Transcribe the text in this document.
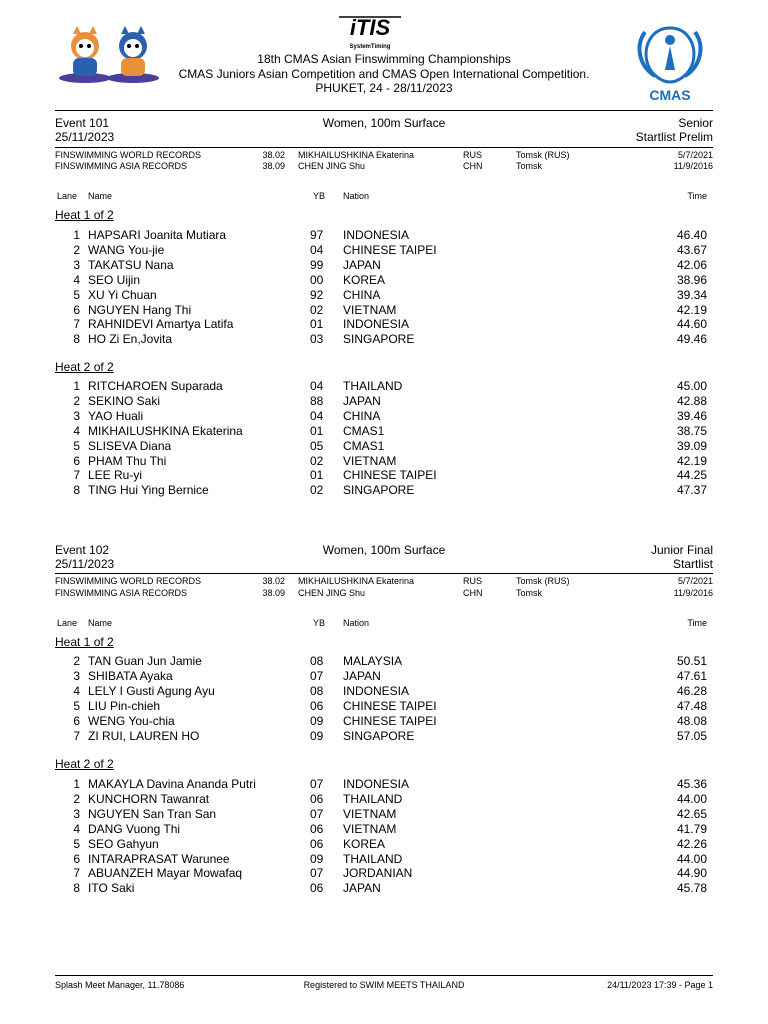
iTIS
SystemTiming
CMAS
18th CMAS Asian Finswimming Championships
CMAS Juniors Asian Competition and CMAS Open International Competition.
PHUKET, 24 - 28/11/2023
Event 101
25/11/2023
Women, 100m Surface	Senior
Startlist Prelim
FINSWIMMING WORLD RECORDS	38.02 MIKHAILUSHKINA Ekaterina	RUS	Tomsk (RUS)	5/7/2021
FINSWIMMING ASIA RECORDS	38.09 CHEN JING Shu	CHN	Tomsk	11/9/2016
Lane Name	YB Nation	Time
Heat 1 of 2
1 HAPSARI Joanita Mutiara	97 INDONESIA	46.40
2 WANG You-jie	04 CHINESE TAIPEI	43.67
3 TAKATSU Nana	99 JAPAN	42.06
4 SEO Uijin	00 KOREA	38.96
5 XU Yi Chuan	92 CHINA	39.34
6 NGUYEN Hang Thi	02 VIETNAM	42.19
7 RAHNIDEVI Amartya Latifa	01 INDONESIA	44.60
8 HO Zi En,Jovita	03 SINGAPORE	49.46
Heat 2 of 2
1 RITCHAROEN Suparada	04 THAILAND	45.00
2 SEKINO Saki	88 JAPAN	42.88
3 YAO Huali	04 CHINA	39.46
4 MIKHAILUSHKINA Ekaterina	01 CMAS1	38.75
5 SLISEVA Diana	05 CMAS1	39.09
6 PHAM Thu Thi	02 VIETNAM	42.19
7 LEE Ru-yi	01 CHINESE TAIPEI	44.25
8 TING Hui Ying Bernice	02 SINGAPORE	47.37
Event 102
25/11/2023
Women, 100m Surface	Junior Final
Startlist
FINSWIMMING WORLD RECORDS	38.02 MIKHAILUSHKINA Ekaterina	RUS	Tomsk (RUS)	5/7/2021
FINSWIMMING ASIA RECORDS	38.09 CHEN JING Shu	CHN	Tomsk	11/9/2016
Lane Name	YB Nation	Time
Heat 1 of 2
2 TAN Guan Jun Jamie	08 MALAYSIA	50.51
3 SHIBATA Ayaka	07 JAPAN	47.61
4 LELY I Gusti Agung Ayu	08 INDONESIA	46.28
5 LIU Pin-chieh	06 CHINESE TAIPEI	47.48
6 WENG You-chia	09 CHINESE TAIPEI	48.08
7 ZI RUI, LAUREN HO	09 SINGAPORE	57.05
Heat 2 of 2
1 MAKAYLA Davina Ananda Putri	07 INDONESIA	45.36
2 KUNCHORN Tawanrat	06 THAILAND	44.00
3 NGUYEN San Tran San	07 VIETNAM	42.65
4 DANG Vuong Thi	06 VIETNAM	41.79
5 SEO Gahyun	06 KOREA	42.26
6 INTARAPRASAT Warunee	09 THAILAND	44.00
7 ABUANZEH Mayar Mowafaq	07 JORDANIAN	44.90
8 ITO Saki	06 JAPAN	45.78
Splash Meet Manager, 11.78086	Registered to SWIM MEETS THAILAND	24/11/2023 17:39 - Page 1
